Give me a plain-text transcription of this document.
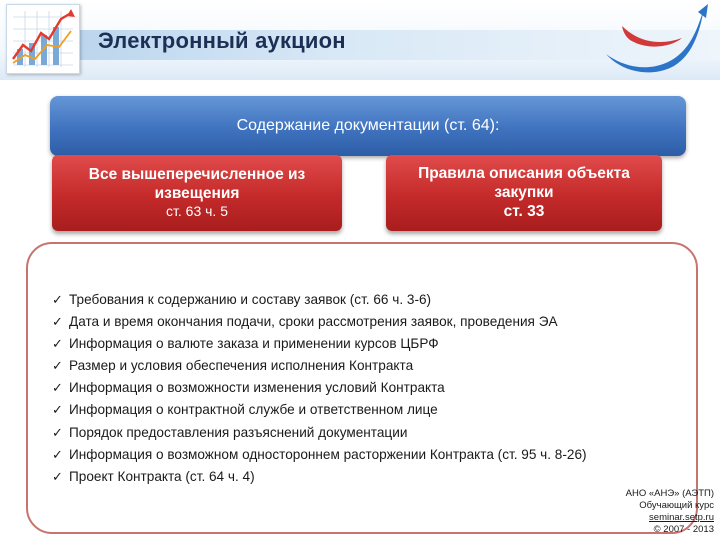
Электронный аукцион
Содержание документации (ст. 64):
Все вышеперечисленное из извещения
ст. 63 ч. 5
Правила описания объекта закупки
ст. 33
✓ Требования к содержанию и составу заявок (ст. 66 ч. 3-6)
✓ Дата и время окончания подачи, сроки рассмотрения заявок, проведения ЭА
✓ Информация о валюте заказа и применении курсов ЦБРФ
✓ Размер и условия обеспечения исполнения Контракта
✓ Информация о возможности изменения условий Контракта
✓ Информация о контрактной службе и ответственном лице
✓ Порядок предоставления разъяснений документации
✓ Информация о возможном одностороннем расторжении Контракта (ст. 95 ч. 8-26)
✓ Проект Контракта (ст. 64 ч. 4)
АНО «АНЭ» (АЭТП)
Обучающий курс
seminar.setp.ru
© 2007 - 2013
